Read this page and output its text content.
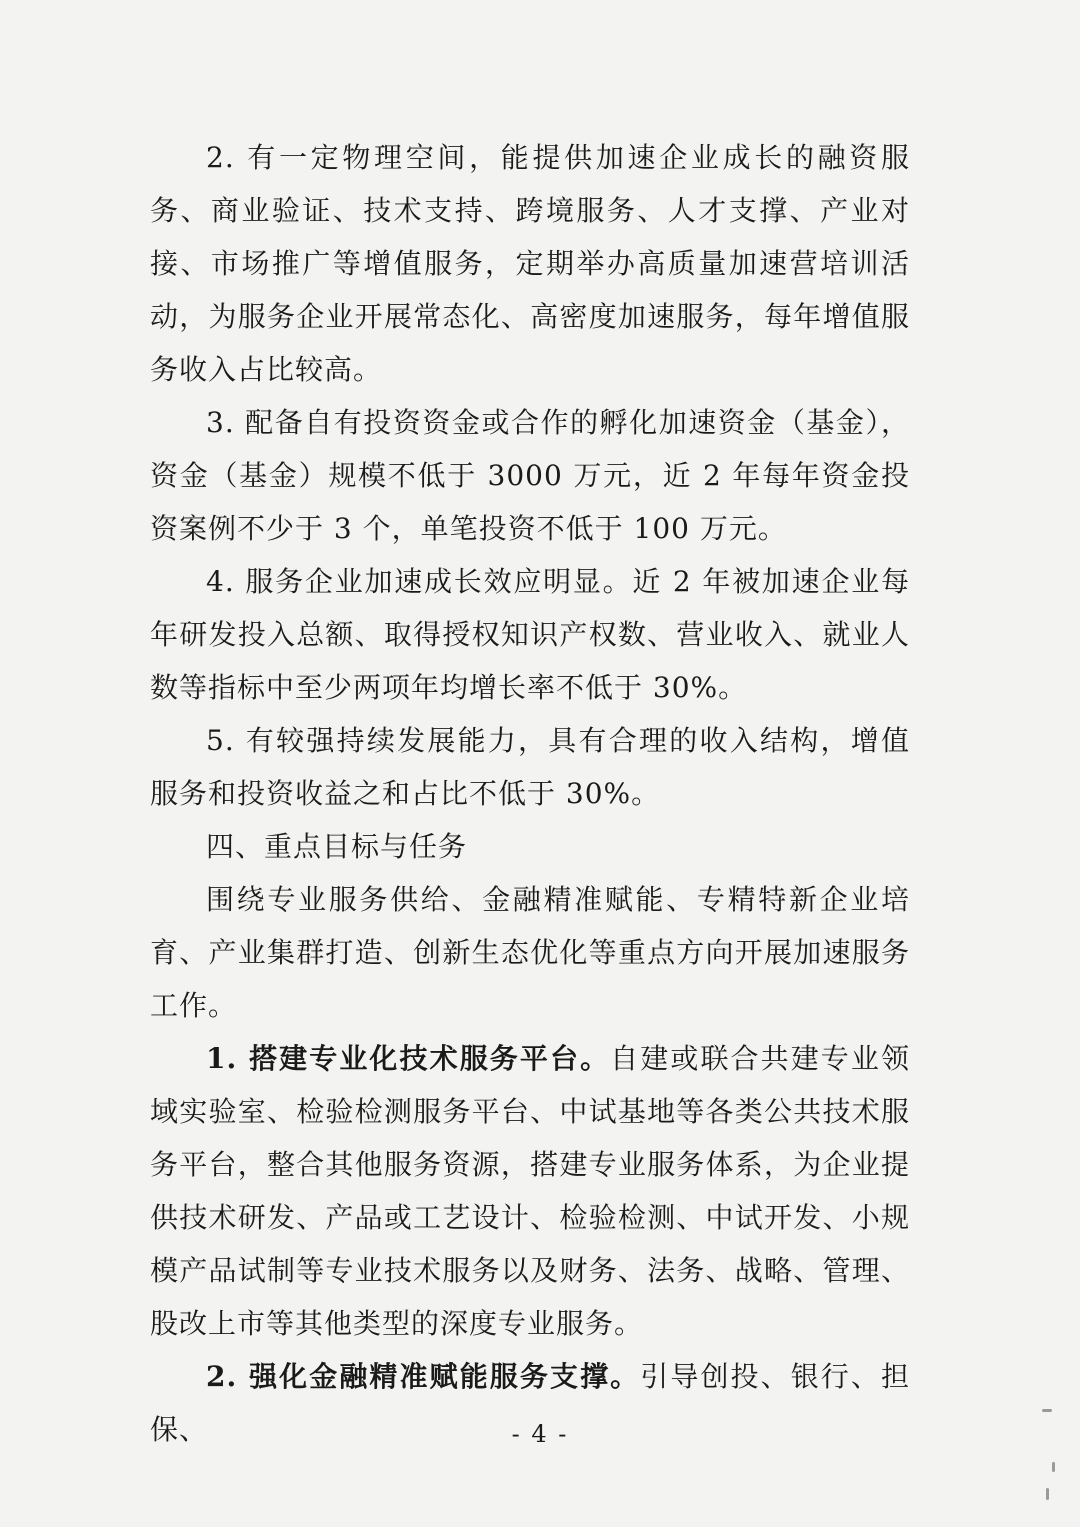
2. 有一定物理空间，能提供加速企业成长的融资服务、商业验证、技术支持、跨境服务、人才支撑、产业对接、市场推广等增值服务，定期举办高质量加速营培训活动，为服务企业开展常态化、高密度加速服务，每年增值服务收入占比较高。

3. 配备自有投资资金或合作的孵化加速资金（基金），资金（基金）规模不低于 3000 万元，近 2 年每年资金投资案例不少于 3 个，单笔投资不低于 100 万元。

4. 服务企业加速成长效应明显。近 2 年被加速企业每年研发投入总额、取得授权知识产权数、营业收入、就业人数等指标中至少两项年均增长率不低于 30%。

5. 有较强持续发展能力，具有合理的收入结构，增值服务和投资收益之和占比不低于 30%。

四、重点目标与任务

围绕专业服务供给、金融精准赋能、专精特新企业培育、产业集群打造、创新生态优化等重点方向开展加速服务工作。

1. 搭建专业化技术服务平台。自建或联合共建专业领域实验室、检验检测服务平台、中试基地等各类公共技术服务平台，整合其他服务资源，搭建专业服务体系，为企业提供技术研发、产品或工艺设计、检验检测、中试开发、小规模产品试制等专业技术服务以及财务、法务、战略、管理、股改上市等其他类型的深度专业服务。

2. 强化金融精准赋能服务支撑。引导创投、银行、担保、	- 4 -
